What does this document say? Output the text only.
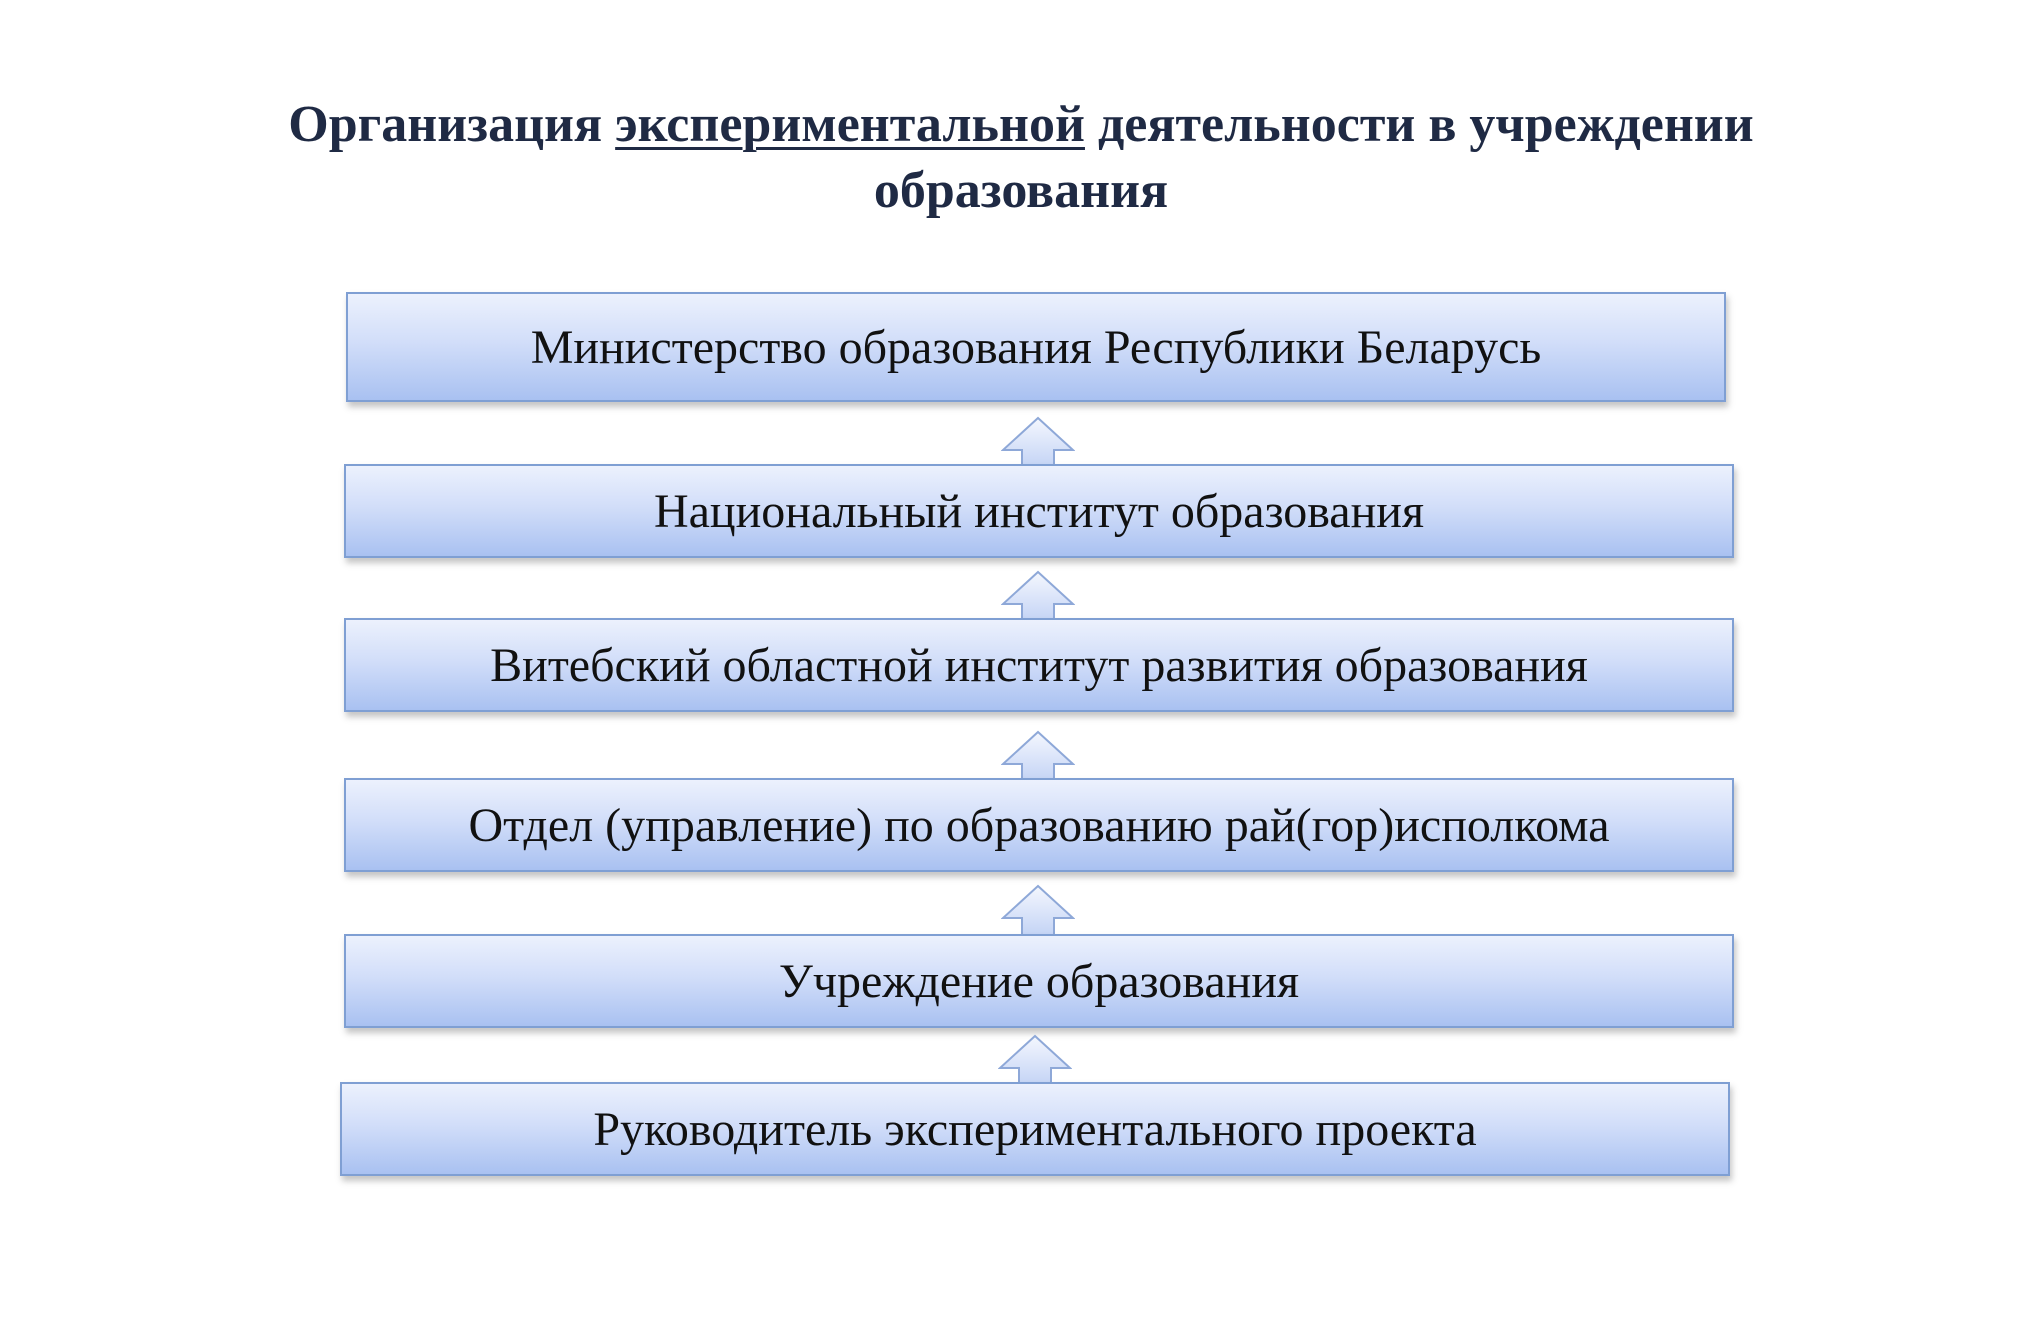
Организация экспериментальной деятельности в учреждении
образования
Министерство образования Республики Беларусь
Национальный институт образования
Витебский областной институт развития образования
Отдел (управление) по образованию рай(гор)исполкома
Учреждение образования
Руководитель экспериментального проекта
